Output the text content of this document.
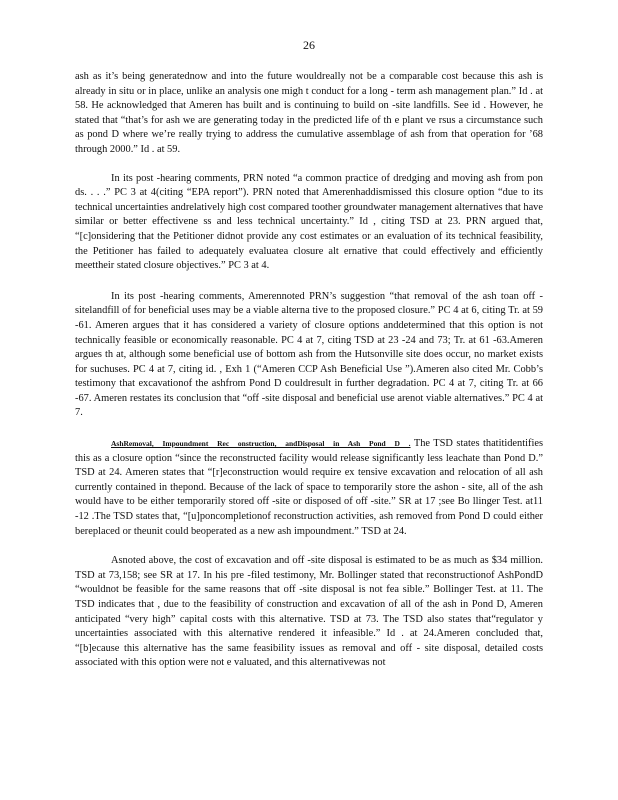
26

ash as it’s being generatednow and into the future wouldreally not be a comparable cost because this ash is already in situ or in place, unlike an analysis one migh t conduct for a long - term ash management plan.” Id . at 58. He acknowledged that Ameren has built and is continuing to build on -site landfills. See id . However, he stated that “that’s for ash we are generating today in the predicted life of th e plant ve rsus a circumstance such as pond D where we’re really trying to address the cumulative assemblage of ash from that operation for ’68 through 2000.” Id . at 59.

In its post -hearing comments, PRN noted “a common practice of dredging and moving ash from pon ds. . . .” PC 3 at 4(citing “EPA report”). PRN noted that Amerenhaddismissed this closure option “due to its technical uncertainties andrelatively high cost compared toother groundwater management alternatives that have similar or better effectivene ss and less technical uncertainty.” Id , citing TSD at 23. PRN argued that, “[c]onsidering that the Petitioner didnot provide any cost estimates or an evaluation of its technical feasibility, the Petitioner has failed to adequately evaluatea closure alt ernative that could effectively and efficiently meettheir stated closure objectives.” PC 3 at 4.

In its post -hearing comments, Amerennoted PRN’s suggestion “that removal of the ash toan off - sitelandfill of for beneficial uses may be a viable alterna tive to the proposed closure.” PC 4 at 6, citing Tr. at 59 -61. Ameren argues that it has considered a variety of closure options anddetermined that this option is not technically feasible or economically reasonable. PC 4 at 7, citing TSD at 23 -24 and 73; Tr. at 61 -63.Ameren argues th at, although some beneficial use of bottom ash from the Hutsonville site does occur, no market exists for suchuses. PC 4 at 7, citing id. , Exh 1 (“Ameren CCP Ash Beneficial Use ”).Ameren also cited Mr. Cobb’s testimony that excavationof the ashfrom Pond D couldresult in further degradation. PC 4 at 7, citing Tr. at 66 -67. Ameren restates its conclusion that “off -site disposal and beneficial use arenot viable alternatives.” PC 4 at 7.

AshRemoval, Impoundment Rec onstruction, andDisposal in Ash Pond D . The TSD states thatitidentifies this as a closure option “since the reconstructed facility would release significantly less leachate than Pond D.” TSD at 24. Ameren states that “[r]econstruction would require ex tensive excavation and relocation of all ash currently contained in thepond. Because of the lack of space to temporarily store the ashon - site, all of the ash would have to be either temporarily stored off -site or disposed of off -site.” SR at 17 ;see Bo llinger Test. at11 -12 .The TSD states that, “[u]poncompletionof reconstruction activities, ash removed from Pond D could either bereplaced or theunit could beoperated as a new ash impoundment.” TSD at 24.

Asnoted above, the cost of excavation and off -site disposal is estimated to be as much as $34 million. TSD at 73,158; see SR at 17. In his pre -filed testimony, Mr. Bollinger stated that reconstructionof AshPondD “wouldnot be feasible for the same reasons that off -site disposal is not fea sible.” Bollinger Test. at 11. The TSD indicates that , due to the feasibility of construction and excavation of all of the ash in Pond D, Ameren anticipated “very high” capital costs with this alternative. TSD at 73. The TSD also states that“regulator y uncertainties associated with this alternative rendered it infeasible.” Id . at 24.Ameren concluded that, “[b]ecause this alternative has the same feasibility issues as removal and off - site disposal, detailed costs associated with this option were not e valuated, and this alternativewas not
